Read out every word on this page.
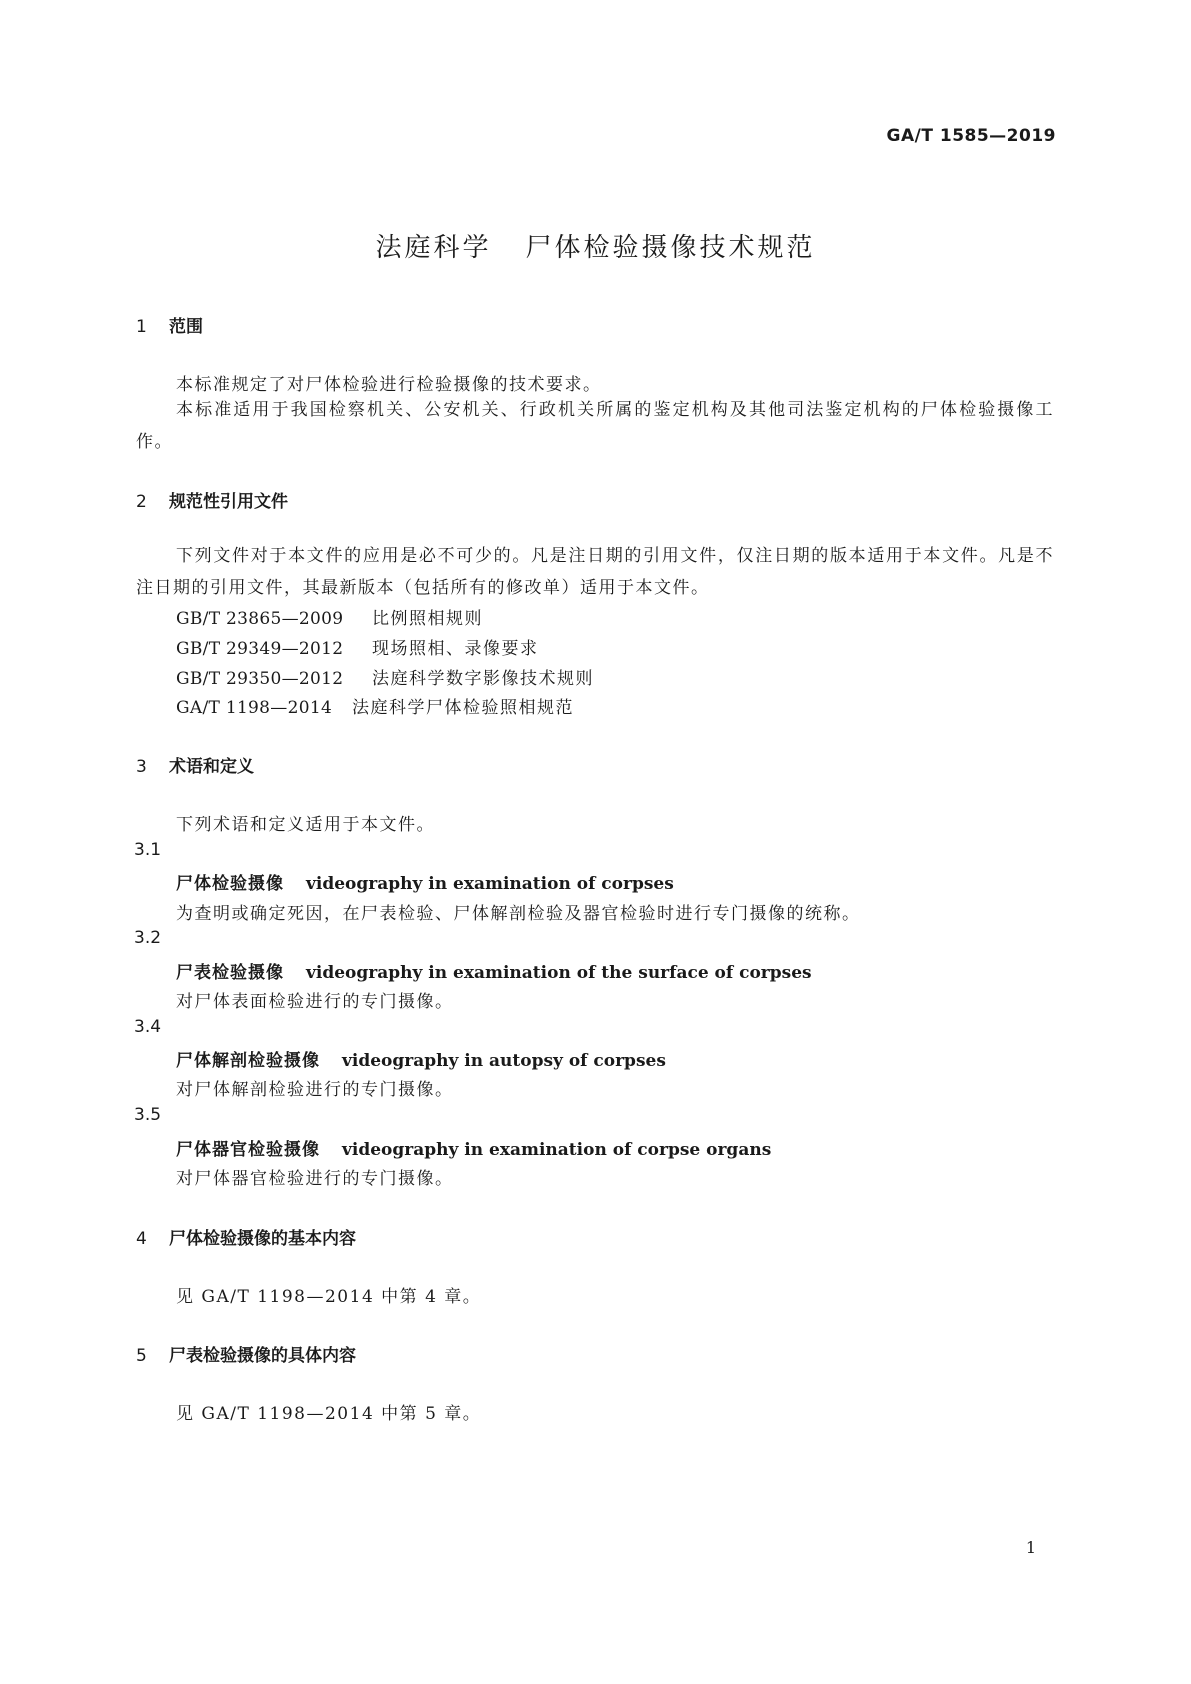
GA/T 1585—2019
法庭科学 尸体检验摄像技术规范
1 范围
本标准规定了对尸体检验进行检验摄像的技术要求。
本标准适用于我国检察机关、公安机关、行政机关所属的鉴定机构及其他司法鉴定机构的尸体检验摄像工作。
2 规范性引用文件
下列文件对于本文件的应用是必不可少的。凡是注日期的引用文件，仅注日期的版本适用于本文件。凡是不注日期的引用文件，其最新版本（包括所有的修改单）适用于本文件。
GB/T 23865—2009 比例照相规则
GB/T 29349—2012 现场照相、录像要求
GB/T 29350—2012 法庭科学数字影像技术规则
GA/T 1198—2014 法庭科学尸体检验照相规范
3 术语和定义
下列术语和定义适用于本文件。
3.1
尸体检验摄像 videography in examination of corpses
为查明或确定死因，在尸表检验、尸体解剖检验及器官检验时进行专门摄像的统称。
3.2
尸表检验摄像 videography in examination of the surface of corpses
对尸体表面检验进行的专门摄像。
3.4
尸体解剖检验摄像 videography in autopsy of corpses
对尸体解剖检验进行的专门摄像。
3.5
尸体器官检验摄像 videography in examination of corpse organs
对尸体器官检验进行的专门摄像。
4 尸体检验摄像的基本内容
见 GA/T 1198—2014 中第 4 章。
5 尸表检验摄像的具体内容
见 GA/T 1198—2014 中第 5 章。
1
